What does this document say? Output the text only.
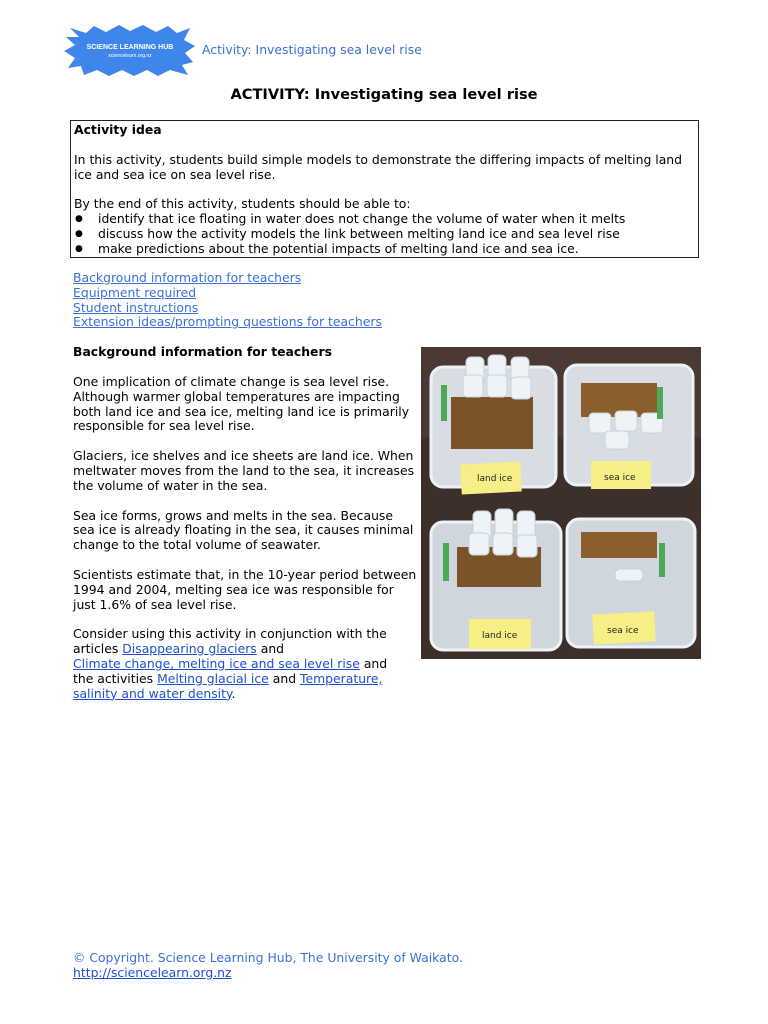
SCIENCE LEARNING HUB
sciencelearn.org.nz	Activity: Investigating sea level rise
ACTIVITY: Investigating sea level rise

Activity idea

In this activity, students build simple models to demonstrate the differing impacts of melting land ice and sea ice on sea level rise.

By the end of this activity, students should be able to:

● identify that ice floating in water does not change the volume of water when it melts
● discuss how the activity models the link between melting land ice and sea level rise
● make predictions about the potential impacts of melting land ice and sea ice.
Background information for teachers
Equipment required
Student instructions
Extension ideas/prompting questions for teachers
Background information for teachers

One implication of climate change is sea level rise. Although warmer global temperatures are impacting both land ice and sea ice, melting land ice is primarily responsible for sea level rise.

Glaciers, ice shelves and ice sheets are land ice. When meltwater moves from the land to the sea, it increases the volume of water in the sea.

Sea ice forms, grows and melts in the sea. Because sea ice is already floating in the sea, it causes minimal change to the total volume of seawater.

Scientists estimate that, in the 10-year period between 1994 and 2004, melting sea ice was responsible for just 1.6% of sea level rise.

Consider using this activity in conjunction with the articles Disappearing glaciers and
Climate change, melting ice and sea level rise and
the activities Melting glacial ice and Temperature, salinity and water density.
land ice	sea ice
land ice	sea ice
© Copyright. Science Learning Hub, The University of Waikato.
http://sciencelearn.org.nz
